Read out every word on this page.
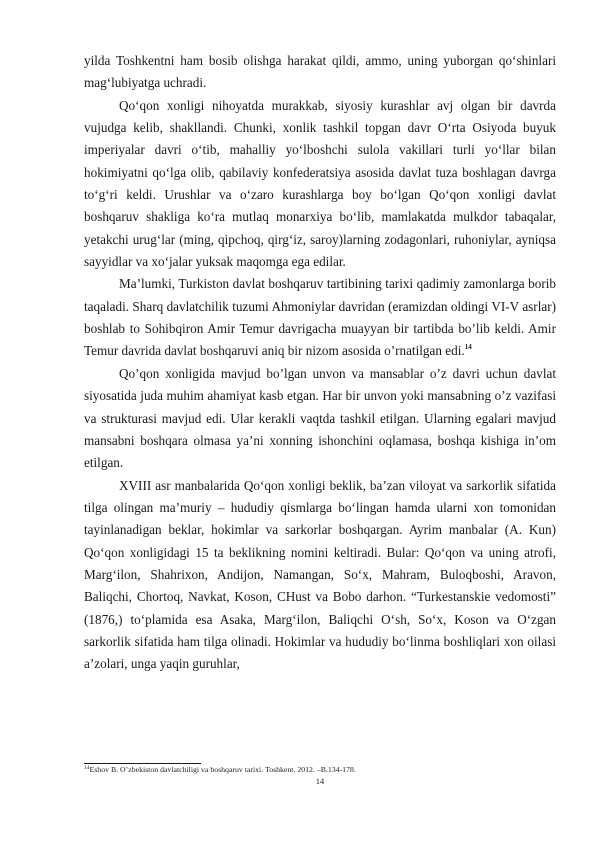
yilda Toshkentni ham bosib olishga harakat qildi, ammo, uning yuborgan qo‘shinlari mag‘lubiyatga uchradi.

Qo‘qon xonligi nihoyatda murakkab, siyosiy kurashlar avj olgan bir davrda vujudga kelib, shakllandi. Chunki, xonlik tashkil topgan davr O‘rta Osiyoda buyuk imperiyalar davri o‘tib, mahalliy yo‘lboshchi sulola vakillari turli yo‘llar bilan hokimiyatni qo‘lga olib, qabilaviy konfederatsiya asosida davlat tuza boshlagan davrga to‘g‘ri keldi. Urushlar va o‘zaro kurashlarga boy bo‘lgan Qo‘qon xonligi davlat boshqaruv shakliga ko‘ra mutlaq monarxiya bo‘lib, mamlakatda mulkdor tabaqalar, yetakchi urug‘lar (ming, qipchoq, qirg‘iz, saroy)larning zodagonlari, ruhoniylar, ayniqsa sayyidlar va xo‘jalar yuksak maqomga ega edilar.

Ma’lumki, Turkiston davlat boshqaruv tartibining tarixi qadimiy zamonlarga borib taqaladi. Sharq davlatchilik tuzumi Ahmoniylar davridan (eramizdan oldingi VI-V asrlar) boshlab to Sohibqiron Amir Temur davrigacha muayyan bir tartibda bo’lib keldi. Amir Temur davrida davlat boshqaruvi aniq bir nizom asosida o’rnatilgan edi.$^{14}$

Qo’qon xonligida mavjud bo’lgan unvon va mansablar o’z davri uchun davlat siyosatida juda muhim ahamiyat kasb etgan. Har bir unvon yoki mansabning o’z vazifasi va strukturasi mavjud edi. Ular kerakli vaqtda tashkil etilgan. Ularning egalari mavjud mansabni boshqara olmasa ya’ni xonning ishonchini oqlamasa, boshqa kishiga in’om etilgan.

XVIII asr manbalarida Qo‘qon xonligi beklik, ba’zan viloyat va sarkorlik sifatida tilga olingan ma’muriy – hududiy qismlarga bo‘lingan hamda ularni xon tomonidan tayinlanadigan beklar, hokimlar va sarkorlar boshqargan. Ayrim manbalar (A. Kun) Qo‘qon xonligidagi 15 ta beklikning nomini keltiradi. Bular: Qo‘qon va uning atrofi, Marg‘ilon, Shahrixon, Andijon, Namangan, So‘x, Mahram, Buloqboshi, Aravon, Baliqchi, Chortoq, Navkat, Koson, CHust va Bobo darhon. “Turkestanskie vedomosti” (1876,) to‘plamida esa Asaka, Marg‘ilon, Baliqchi O‘sh, So‘x, Koson va O‘zgan sarkorlik sifatida ham tilga olinadi. Hokimlar va hududiy bo‘linma boshliqlari xon oilasi a’zolari, unga yaqin guruhlar,

$^{14}$Eshov B. O’zbekiston davlatchiligi va boshqaruv tarixi. Toshkent. 2012. –B.134-178.
14
